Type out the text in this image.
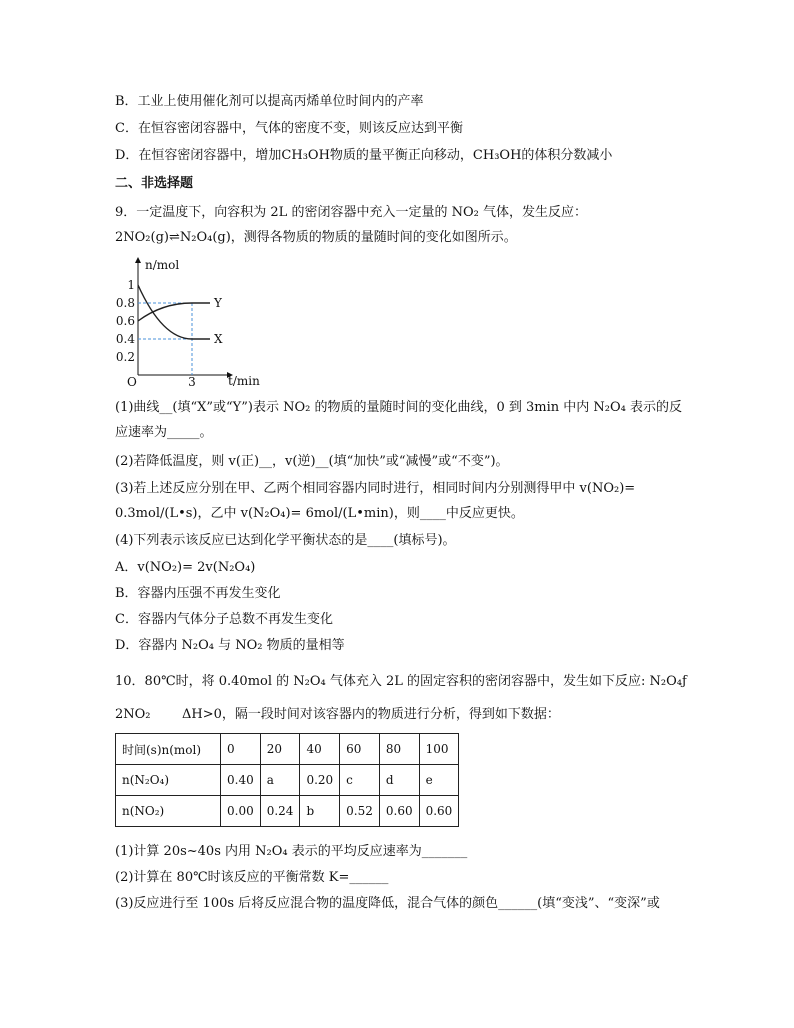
B．工业上使用催化剂可以提高丙烯单位时间内的产率
C．在恒容密闭容器中，气体的密度不变，则该反应达到平衡
D．在恒容密闭容器中，增加CH₃OH物质的量平衡正向移动，CH₃OH的体积分数减小
二、非选择题
9．一定温度下，向容积为 2L 的密闭容器中充入一定量的 NO₂ 气体，发生反应：
2NO₂(g)⇌N₂O₄(g)，测得各物质的物质的量随时间的变化如图所示。
n/mol
t/min
O
1
0.8
0.6
0.4
0.2
3
Y
X
(1)曲线__(填“X”或“Y”)表示 NO₂ 的物质的量随时间的变化曲线，0 到 3min 中内 N₂O₄ 表示的反
应速率为_____。
(2)若降低温度，则 v(正)__，v(逆)__(填“加快”或“减慢”或“不变”)。
(3)若上述反应分别在甲、乙两个相同容器内同时进行，相同时间内分别测得甲中 v(NO₂)=
0.3mol/(L•s)，乙中 v(N₂O₄)= 6mol/(L•min)，则____中反应更快。
(4)下列表示该反应已达到化学平衡状态的是____(填标号)。
A．v(NO₂)= 2v(N₂O₄)
B．容器内压强不再发生变化
C．容器内气体分子总数不再发生变化
D．容器内 N₂O₄ 与 NO₂ 物质的量相等
10．80℃时，将 0.40mol 的 N₂O₄ 气体充入 2L 的固定容积的密闭容器中，发生如下反应: N₂O₄ƒ
2NO₂ ΔH>0，隔一段时间对该容器内的物质进行分析，得到如下数据：
时间(s)n(mol)	0	20	40	60	80	100
n(N₂O₄)	0.40	a	0.20	c	d	e
n(NO₂)	0.00	0.24	b	0.52	0.60	0.60
(1)计算 20s~40s 内用 N₂O₄ 表示的平均反应速率为_______
(2)计算在 80℃时该反应的平衡常数 K=______
(3)反应进行至 100s 后将反应混合物的温度降低，混合气体的颜色______(填“变浅”、“变深”或
